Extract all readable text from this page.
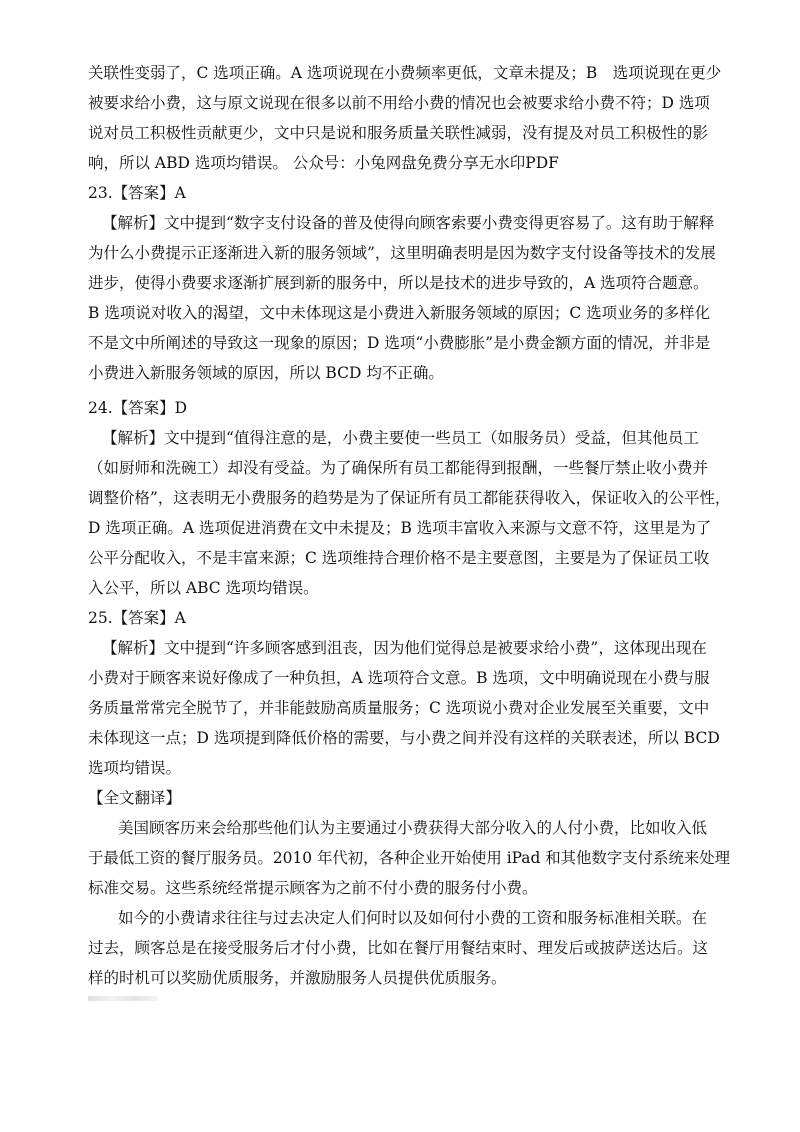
关联性变弱了，C 选项正确。A 选项说现在小费频率更低，文章未提及；B　选项说现在更少
被要求给小费，这与原文说现在很多以前不用给小费的情况也会被要求给小费不符；D 选项
说对员工积极性贡献更少，文中只是说和服务质量关联性减弱，没有提及对员工积极性的影
响，所以 ABD 选项均错误。 公众号：小兔网盘免费分享无水印PDF
23.【答案】A
【解析】文中提到“数字支付设备的普及使得向顾客索要小费变得更容易了。这有助于解释
为什么小费提示正逐渐进入新的服务领域”，这里明确表明是因为数字支付设备等技术的发展
进步，使得小费要求逐渐扩展到新的服务中，所以是技术的进步导致的，A 选项符合题意。
B 选项说对收入的渴望，文中未体现这是小费进入新服务领域的原因；C 选项业务的多样化
不是文中所阐述的导致这一现象的原因；D 选项“小费膨胀”是小费金额方面的情况，并非是
小费进入新服务领域的原因，所以 BCD 均不正确。
24.【答案】D
【解析】文中提到“值得注意的是，小费主要使一些员工（如服务员）受益，但其他员工
（如厨师和洗碗工）却没有受益。为了确保所有员工都能得到报酬，一些餐厅禁止收小费并
调整价格”，这表明无小费服务的趋势是为了保证所有员工都能获得收入，保证收入的公平性，
D 选项正确。A 选项促进消费在文中未提及；B 选项丰富收入来源与文意不符，这里是为了
公平分配收入，不是丰富来源；C 选项维持合理价格不是主要意图，主要是为了保证员工收
入公平，所以 ABC 选项均错误。
25.【答案】A
【解析】文中提到“许多顾客感到沮丧，因为他们觉得总是被要求给小费”，这体现出现在
小费对于顾客来说好像成了一种负担，A 选项符合文意。B 选项，文中明确说现在小费与服
务质量常常完全脱节了，并非能鼓励高质量服务；C 选项说小费对企业发展至关重要，文中
未体现这一点；D 选项提到降低价格的需要，与小费之间并没有这样的关联表述，所以 BCD
选项均错误。
【全文翻译】
美国顾客历来会给那些他们认为主要通过小费获得大部分收入的人付小费，比如收入低
于最低工资的餐厅服务员。2010 年代初，各种企业开始使用 iPad 和其他数字支付系统来处理
标准交易。这些系统经常提示顾客为之前不付小费的服务付小费。
如今的小费请求往往与过去决定人们何时以及如何付小费的工资和服务标准相关联。在
过去，顾客总是在接受服务后才付小费，比如在餐厅用餐结束时、理发后或披萨送达后。这
样的时机可以奖励优质服务，并激励服务人员提供优质服务。
